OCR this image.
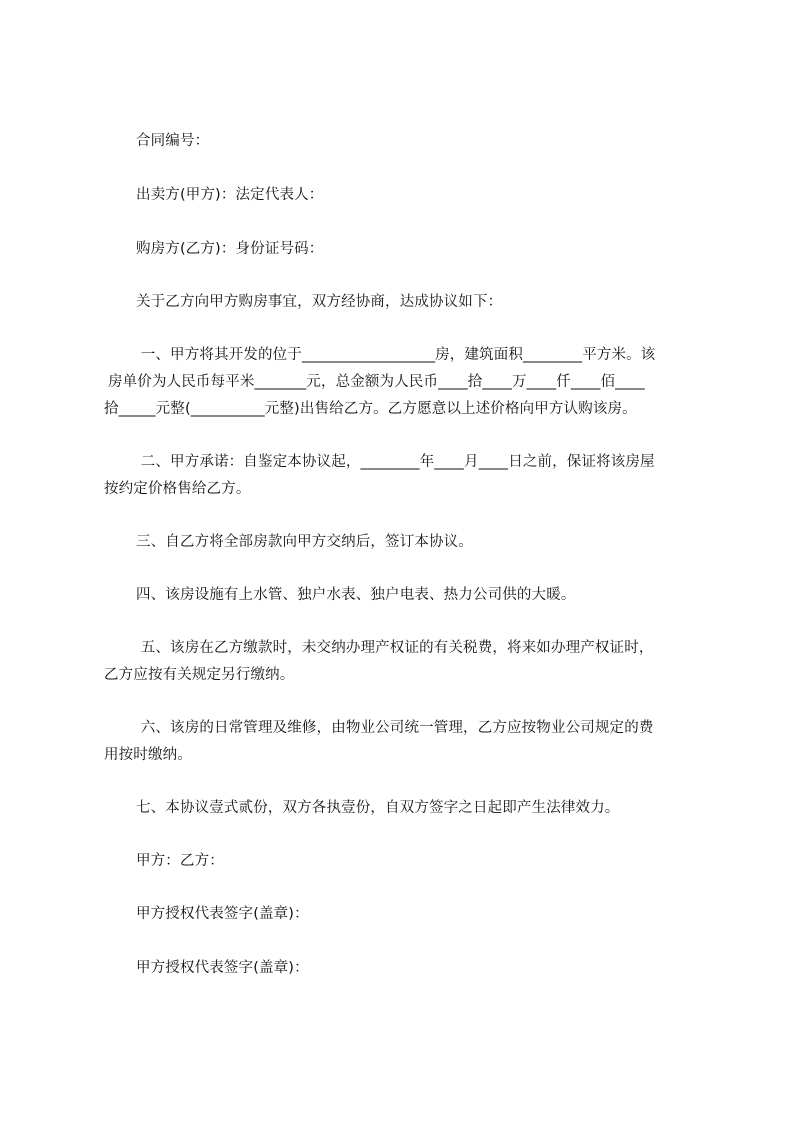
合同编号：
出卖方(甲方)：法定代表人：
购房方(乙方)：身份证号码：
关于乙方向甲方购房事宜，双方经协商，达成协议如下：
一、甲方将其开发的位于__________________房，建筑面积________平方米。该
房单价为人民币每平米_______元，总金额为人民币____拾____万____仟____佰____
拾_____元整(__________元整)出售给乙方。乙方愿意以上述价格向甲方认购该房。
二、甲方承诺：自鉴定本协议起，________年____月____日之前，保证将该房屋
按约定价格售给乙方。
三、自乙方将全部房款向甲方交纳后，签订本协议。
四、该房设施有上水管、独户水表、独户电表、热力公司供的大暖。
五、该房在乙方缴款时，未交纳办理产权证的有关税费，将来如办理产权证时，
乙方应按有关规定另行缴纳。
六、该房的日常管理及维修，由物业公司统一管理，乙方应按物业公司规定的费
用按时缴纳。
七、本协议壹式贰份，双方各执壹份，自双方签字之日起即产生法律效力。
甲方：乙方：
甲方授权代表签字(盖章)：
甲方授权代表签字(盖章)：
